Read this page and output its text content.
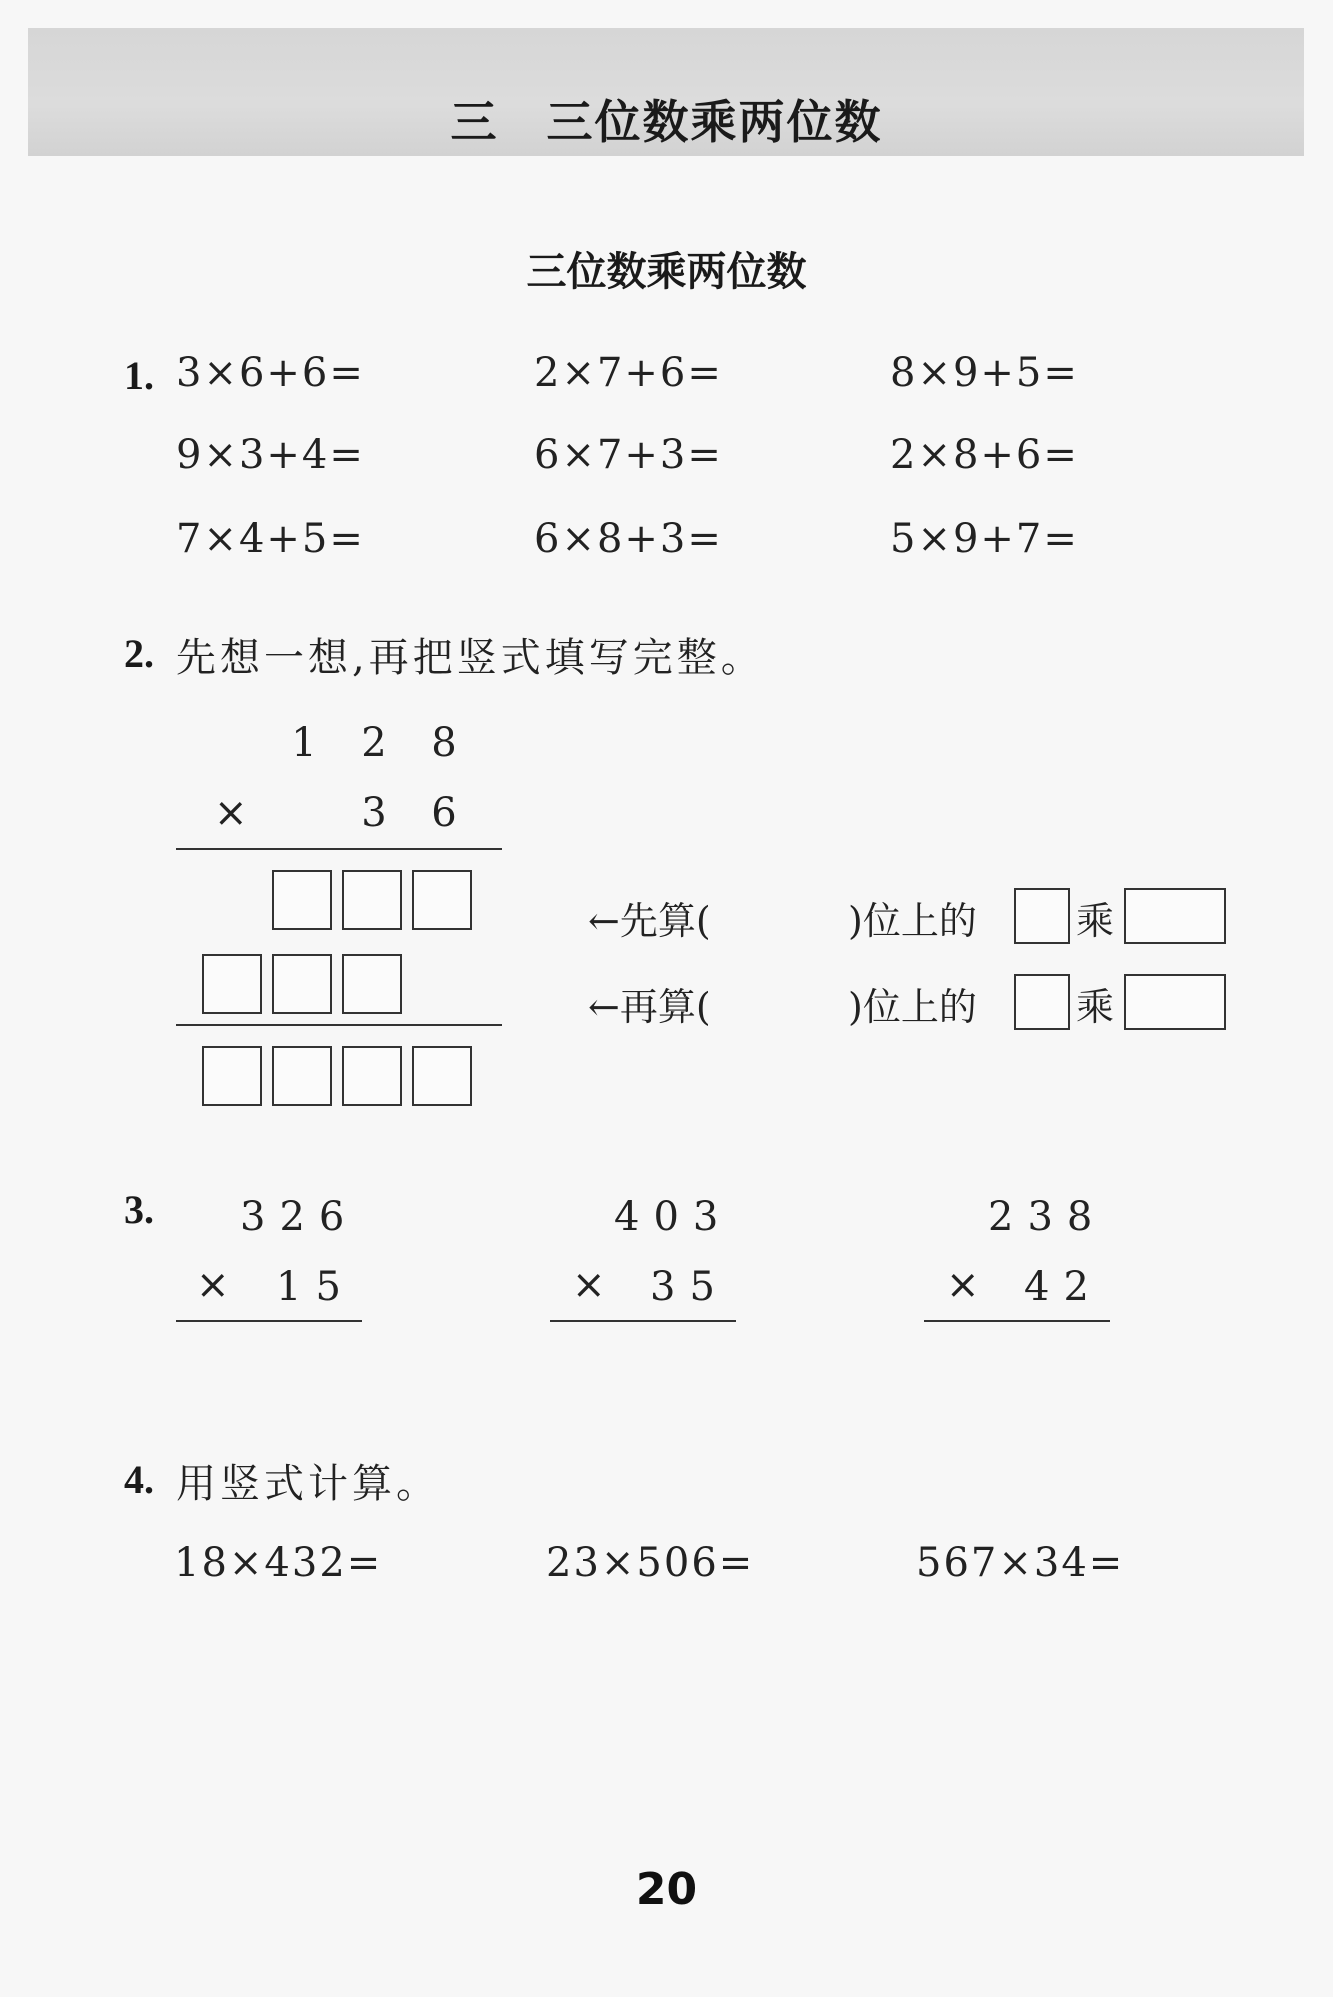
三　三位数乘两位数
三位数乘两位数
1. 3×6+6=	2×7+6=	8×9+5=
9×3+4=	6×7+3=	2×8+6=
7×4+5=	6×8+3=	5×9+7=
2. 先想一想,再把竖式填写完整。
1 2 8
×	3 6
←先算(	)位上的	乘
←再算(	)位上的	乘
3. 326
× 15
403
× 35
238
× 42
4. 用竖式计算。
18×432=	23×506=	567×34=
20
